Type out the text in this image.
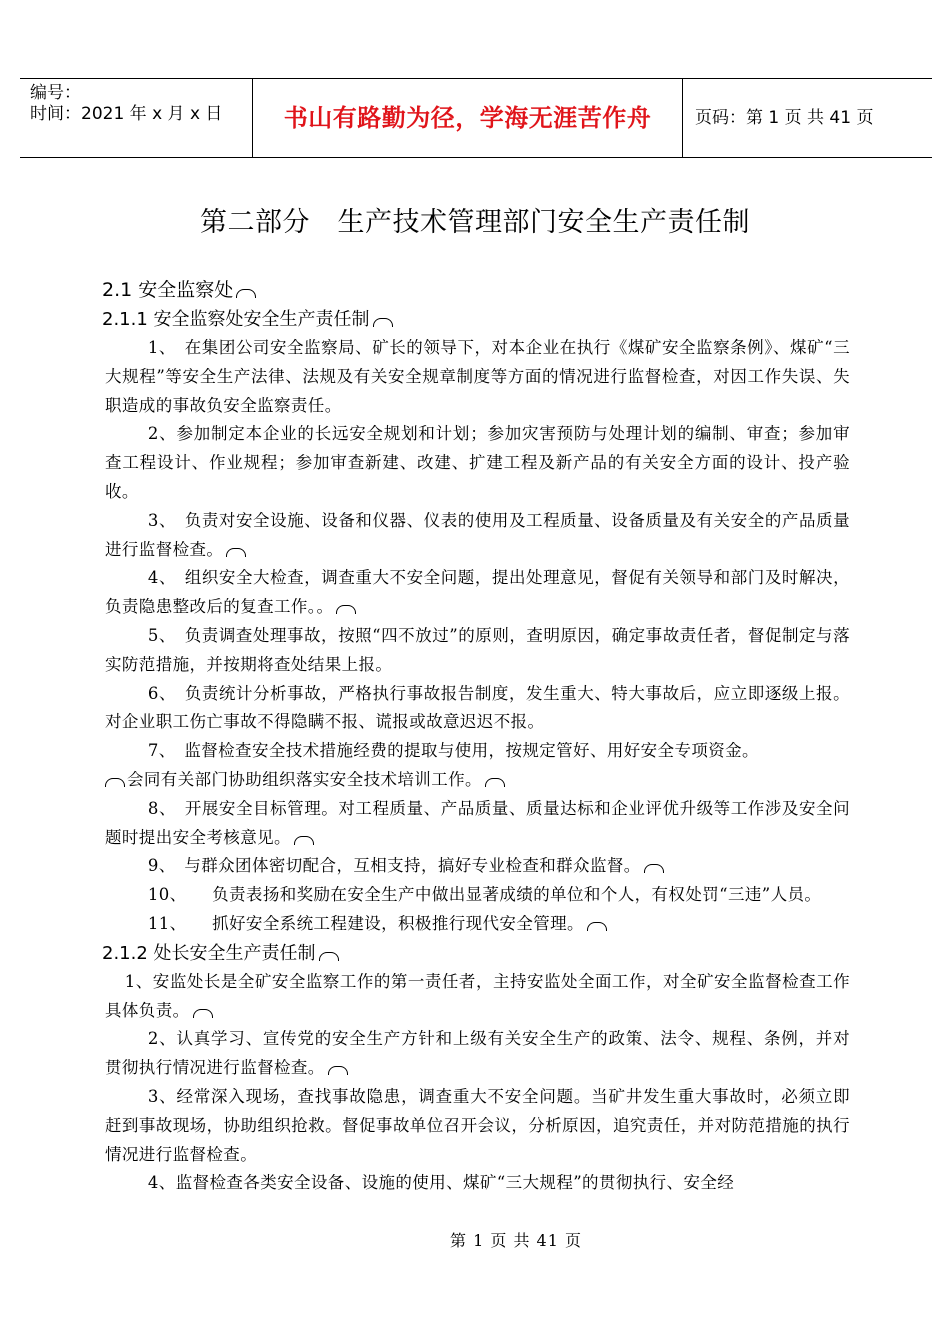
编号：
时间：2021 年 x 月 x 日	书山有路勤为径，学海无涯苦作舟	页码：第 1 页 共 41 页
第二部分　生产技术管理部门安全生产责任制
2.1 安全监察处
2.1.1 安全监察处安全生产责任制

1、　在集团公司安全监察局、矿长的领导下，对本企业在执行《煤矿安全监察条例》、煤矿“三大规程”等安全生产法律、法规及有关安全规章制度等方面的情况进行监督检查，对因工作失误、失职造成的事故负安全监察责任。

2、参加制定本企业的长远安全规划和计划；参加灾害预防与处理计划的编制、审查；参加审查工程设计、作业规程；参加审查新建、改建、扩建工程及新产品的有关安全方面的设计、投产验收。

3、　负责对安全设施、设备和仪器、仪表的使用及工程质量、设备质量及有关安全的产品质量进行监督检查。

4、　组织安全大检查，调查重大不安全问题，提出处理意见，督促有关领导和部门及时解决，负责隐患整改后的复查工作。。

5、　负责调查处理事故，按照“四不放过”的原则，查明原因，确定事故责任者，督促制定与落实防范措施，并按期将查处结果上报。

6、　负责统计分析事故，严格执行事故报告制度，发生重大、特大事故后，应立即逐级上报。对企业职工伤亡事故不得隐瞒不报、谎报或故意迟迟不报。

7、　监督检查安全技术措施经费的提取与使用，按规定管好、用好安全专项资金。

会同有关部门协助组织落实安全技术培训工作。

8、　开展安全目标管理。对工程质量、产品质量、质量达标和企业评优升级等工作涉及安全问题时提出安全考核意见。

9、　与群众团体密切配合，互相支持，搞好专业检查和群众监督。

10、　　负责表扬和奖励在安全生产中做出显著成绩的单位和个人，有权处罚“三违”人员。

11、　　抓好安全系统工程建设，积极推行现代安全管理。

2.1.2 处长安全生产责任制

1、安监处长是全矿安全监察工作的第一责任者，主持安监处全面工作，对全矿安全监督检查工作具体负责。

2、认真学习、宣传党的安全生产方针和上级有关安全生产的政策、法令、规程、条例，并对贯彻执行情况进行监督检查。

3、经常深入现场，查找事故隐患，调查重大不安全问题。当矿井发生重大事故时，必须立即赶到事故现场，协助组织抢救。督促事故单位召开会议，分析原因，追究责任，并对防范措施的执行情况进行监督检查。

4、监督检查各类安全设备、设施的使用、煤矿“三大规程”的贯彻执行、安全经

第 1 页 共 41 页
